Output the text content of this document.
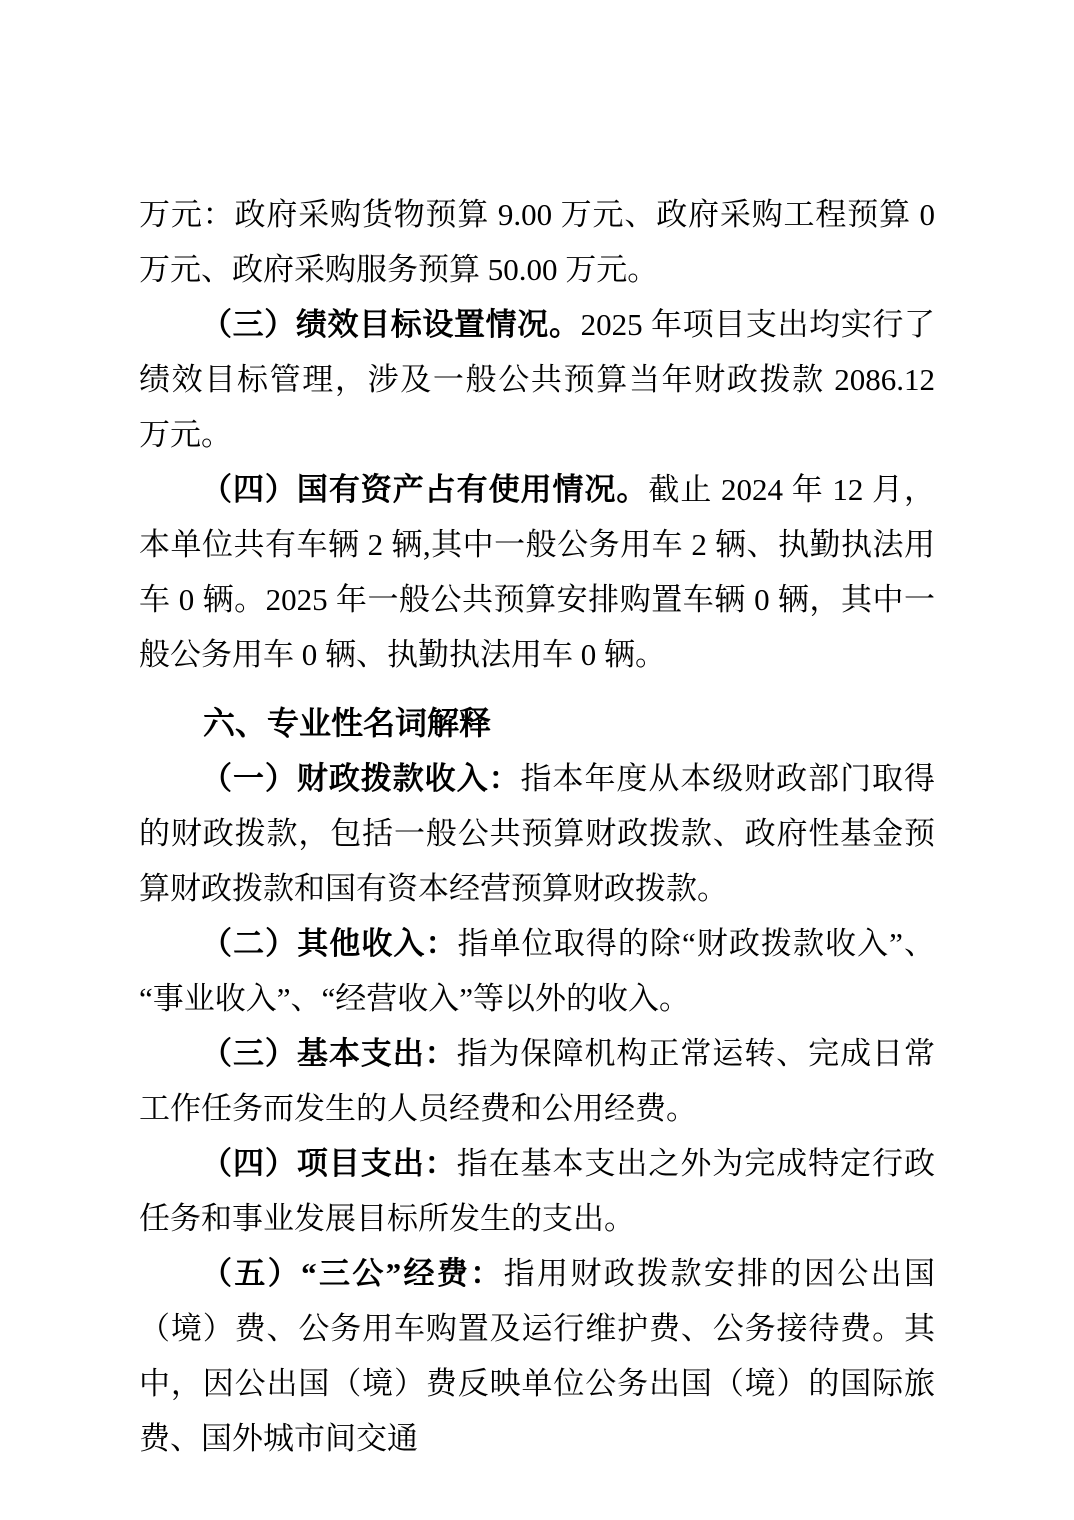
万元：政府采购货物预算 9.00 万元、政府采购工程预算 0 万元、政府采购服务预算 50.00 万元。

（三）绩效目标设置情况。2025 年项目支出均实行了绩效目标管理，涉及一般公共预算当年财政拨款 2086.12 万元。

（四）国有资产占有使用情况。截止 2024 年 12 月，本单位共有车辆 2 辆,其中一般公务用车 2 辆、执勤执法用车 0 辆。2025 年一般公共预算安排购置车辆 0 辆，其中一般公务用车 0 辆、执勤执法用车 0 辆。

六、专业性名词解释

（一）财政拨款收入：指本年度从本级财政部门取得的财政拨款，包括一般公共预算财政拨款、政府性基金预算财政拨款和国有资本经营预算财政拨款。

（二）其他收入：指单位取得的除“财政拨款收入”、“事业收入”、“经营收入”等以外的收入。

（三）基本支出：指为保障机构正常运转、完成日常工作任务而发生的人员经费和公用经费。

（四）项目支出：指在基本支出之外为完成特定行政任务和事业发展目标所发生的支出。

（五）“三公”经费：指用财政拨款安排的因公出国（境）费、公务用车购置及运行维护费、公务接待费。其中，因公出国（境）费反映单位公务出国（境）的国际旅费、国外城市间交通
